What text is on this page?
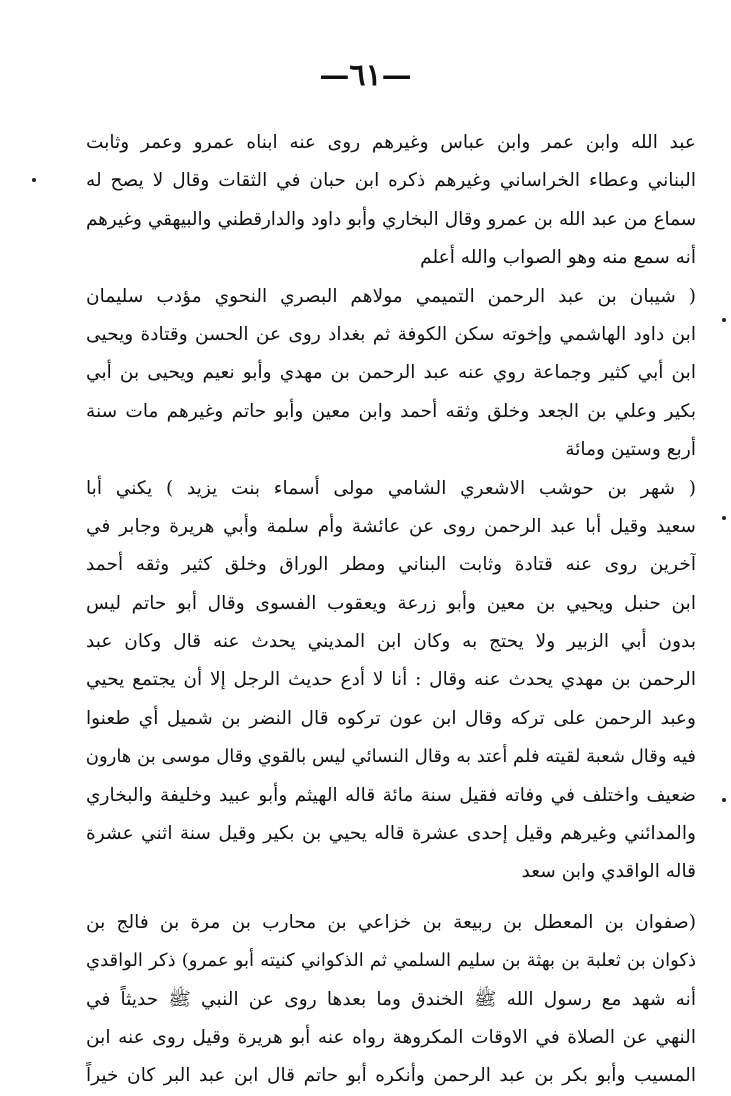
—٦١—
عبد الله وابن عمر وابن عباس وغيرهم روى عنه ابناه عمرو وعمر وثابت
البناني وعطاء الخراساني وغيرهم ذكره ابن حبان في الثقات وقال لا يصح له
سماع من عبد الله بن عمرو وقال البخاري وأبو داود والدارقطني والبيهقي وغيرهم
أنه سمع منه وهو الصواب والله أعلم
( شيبان بن عبد الرحمن التميمي مولاهم البصري النحوي مؤدب سليمان
ابن داود الهاشمي وإخوته سكن الكوفة ثم بغداد روى عن الحسن وقتادة ويحيى
ابن أبي كثير وجماعة روي عنه عبد الرحمن بن مهدي وأبو نعيم ويحيى بن أبي
بكير وعلي بن الجعد وخلق وثقه أحمد وابن معين وأبو حاتم وغيرهم مات سنة
أربع وستين ومائة
( شهر بن حوشب الاشعري الشامي مولى أسماء بنت يزيد ) يكني أبا
سعيد وقيل أبا عبد الرحمن روى عن عائشة وأم سلمة وأبي هريرة وجابر في
آخرين روى عنه قتادة وثابت البناني ومطر الوراق وخلق كثير وثقه أحمد
ابن حنبل ويحيي بن معين وأبو زرعة ويعقوب الفسوى وقال أبو حاتم ليس
بدون أبي الزبير ولا يحتج به وكان ابن المديني يحدث عنه قال وكان عبد
الرحمن بن مهدي يحدث عنه وقال : أنا لا أدع حديث الرجل إلا أن يجتمع يحيي
وعبد الرحمن على تركه وقال ابن عون تركوه قال النضر بن شميل أي طعنوا
فيه وقال شعبة لقيته فلم أعتد به وقال النسائي ليس بالقوي وقال موسى بن هارون
ضعيف واختلف في وفاته فقيل سنة مائة قاله الهيثم وأبو عبيد وخليفة والبخاري
والمدائني وغيرهم وقيل إحدى عشرة قاله يحيي بن بكير وقيل سنة اثني عشرة
قاله الواقدي وابن سعد
(صفوان بن المعطل بن ربيعة بن خزاعي بن محارب بن مرة بن فالج بن
ذكوان بن ثعلبة بن بهثة بن سليم السلمي ثم الذكواني كنيته أبو عمرو) ذكر الواقدي
أنه شهد مع رسول الله ﷺ الخندق وما بعدها روى عن النبي ﷺ حديثاً في
النهي عن الصلاة في الاوقات المكروهة رواه عنه أبو هريرة وقيل روى عنه ابن
المسيب وأبو بكر بن عبد الرحمن وأنكره أبو حاتم قال ابن عبد البر كان خيراً
